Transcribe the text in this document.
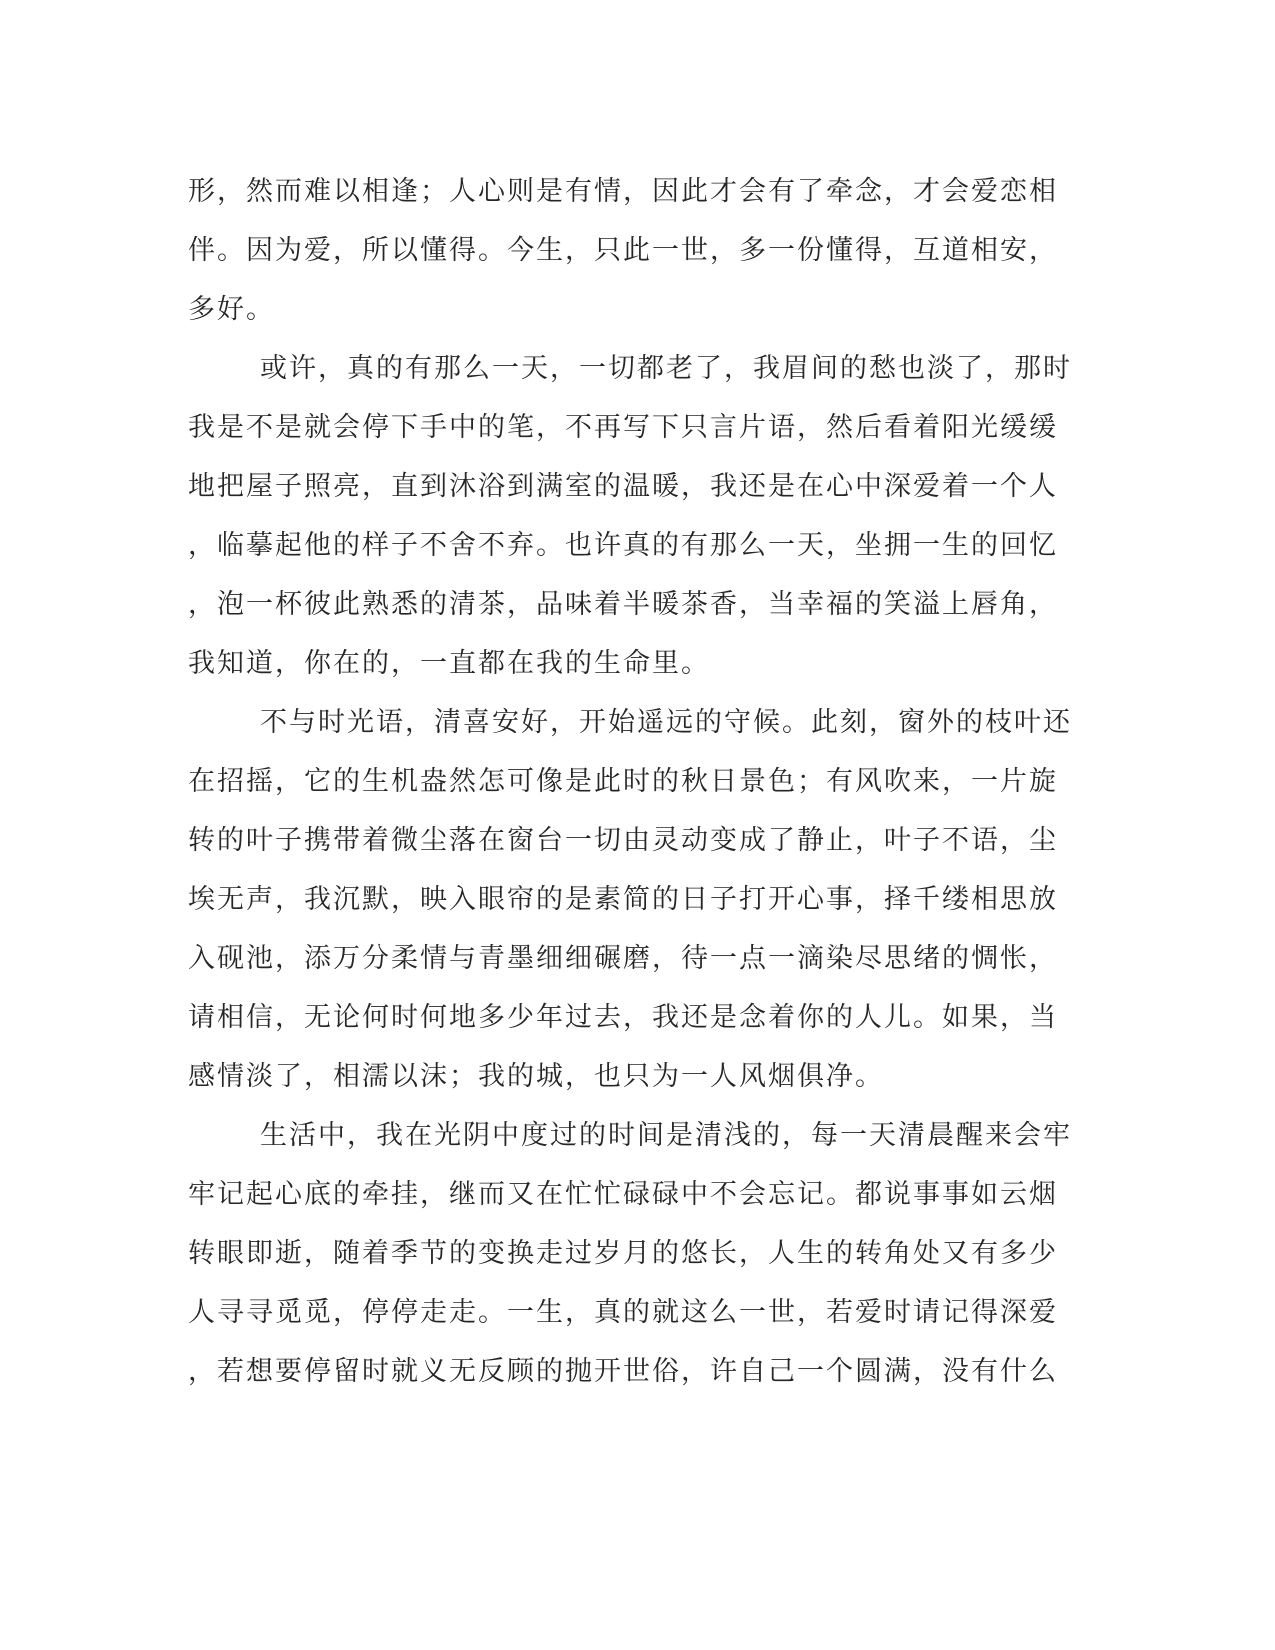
形，然而难以相逢；人心则是有情，因此才会有了牵念，才会爱恋相
伴。因为爱，所以懂得。今生，只此一世，多一份懂得，互道相安，
多好。
或许，真的有那么一天，一切都老了，我眉间的愁也淡了，那时
我是不是就会停下手中的笔，不再写下只言片语，然后看着阳光缓缓
地把屋子照亮，直到沐浴到满室的温暖，我还是在心中深爱着一个人
，临摹起他的样子不舍不弃。也许真的有那么一天，坐拥一生的回忆
，泡一杯彼此熟悉的清茶，品味着半暖茶香，当幸福的笑溢上唇角，
我知道，你在的，一直都在我的生命里。
不与时光语，清喜安好，开始遥远的守候。此刻，窗外的枝叶还
在招摇，它的生机盎然怎可像是此时的秋日景色；有风吹来，一片旋
转的叶子携带着微尘落在窗台一切由灵动变成了静止，叶子不语，尘
埃无声，我沉默，映入眼帘的是素简的日子打开心事，择千缕相思放
入砚池，添万分柔情与青墨细细碾磨，待一点一滴染尽思绪的惆怅，
请相信，无论何时何地多少年过去，我还是念着你的人儿。如果，当
感情淡了，相濡以沫；我的城，也只为一人风烟俱净。
生活中，我在光阴中度过的时间是清浅的，每一天清晨醒来会牢
牢记起心底的牵挂，继而又在忙忙碌碌中不会忘记。都说事事如云烟
转眼即逝，随着季节的变换走过岁月的悠长，人生的转角处又有多少
人寻寻觅觅，停停走走。一生，真的就这么一世，若爱时请记得深爱
，若想要停留时就义无反顾的抛开世俗，许自己一个圆满，没有什么
